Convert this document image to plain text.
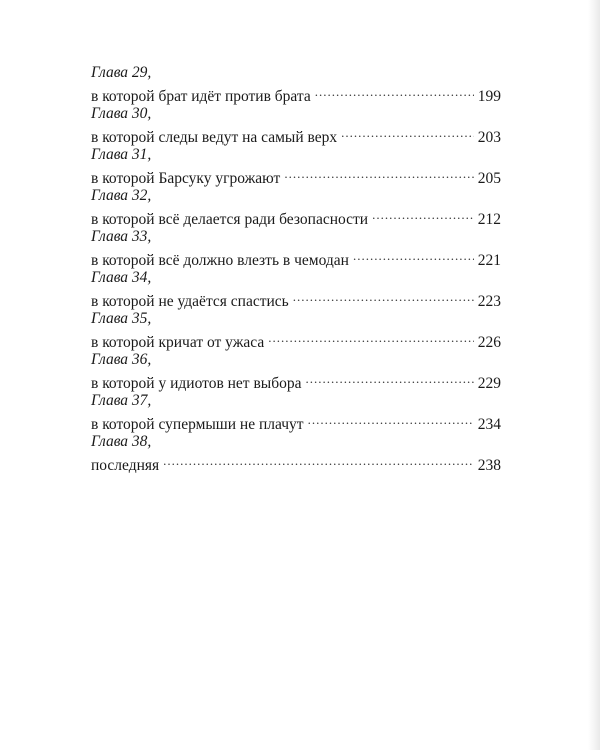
Глава 29,
в которой брат идёт против брата .....	199
Глава 30,
в которой следы ведут на самый верх .....	203
Глава 31,
в которой Барсуку угрожают .....	205
Глава 32,
в которой всё делается ради безопасности .....	212
Глава 33,
в которой всё должно влезть в чемодан .....	221
Глава 34,
в которой не удаётся спастись .....	223
Глава 35,
в которой кричат от ужаса .....	226
Глава 36,
в которой у идиотов нет выбора .....	229
Глава 37,
в которой супермыши не плачут .....	234
Глава 38,
последняя .....	238
